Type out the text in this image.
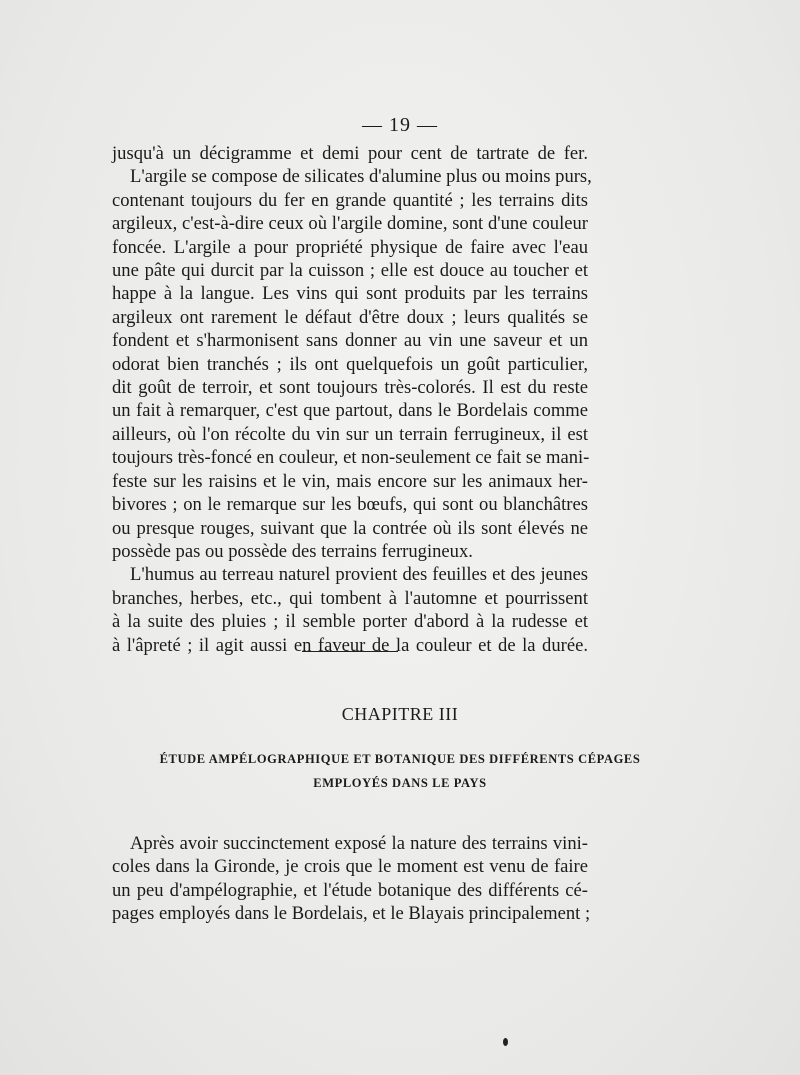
— 19 —
jusqu'à un décigramme et demi pour cent de tartrate de fer.
L'argile se compose de silicates d'alumine plus ou moins purs,
contenant toujours du fer en grande quantité ; les terrains dits
argileux, c'est-à-dire ceux où l'argile domine, sont d'une couleur
foncée. L'argile a pour propriété physique de faire avec l'eau
une pâte qui durcit par la cuisson ; elle est douce au toucher et
happe à la langue. Les vins qui sont produits par les terrains
argileux ont rarement le défaut d'être doux ; leurs qualités se
fondent et s'harmonisent sans donner au vin une saveur et un
odorat bien tranchés ; ils ont quelquefois un goût particulier,
dit goût de terroir, et sont toujours très-colorés. Il est du reste
un fait à remarquer, c'est que partout, dans le Bordelais comme
ailleurs, où l'on récolte du vin sur un terrain ferrugineux, il est
toujours très-foncé en couleur, et non-seulement ce fait se mani-
feste sur les raisins et le vin, mais encore sur les animaux her-
bivores ; on le remarque sur les bœufs, qui sont ou blanchâtres
ou presque rouges, suivant que la contrée où ils sont élevés ne
possède pas ou possède des terrains ferrugineux.
L'humus au terreau naturel provient des feuilles et des jeunes
branches, herbes, etc., qui tombent à l'automne et pourrissent
à la suite des pluies ; il semble porter d'abord à la rudesse et
à l'âpreté ; il agit aussi en faveur de la couleur et de la durée.
CHAPITRE III
ÉTUDE AMPÉLOGRAPHIQUE ET BOTANIQUE DES DIFFÉRENTS CÉPAGES
EMPLOYÉS DANS LE PAYS
Après avoir succinctement exposé la nature des terrains vini-
coles dans la Gironde, je crois que le moment est venu de faire
un peu d'ampélographie, et l'étude botanique des différents cé-
pages employés dans le Bordelais, et le Blayais principalement ;
